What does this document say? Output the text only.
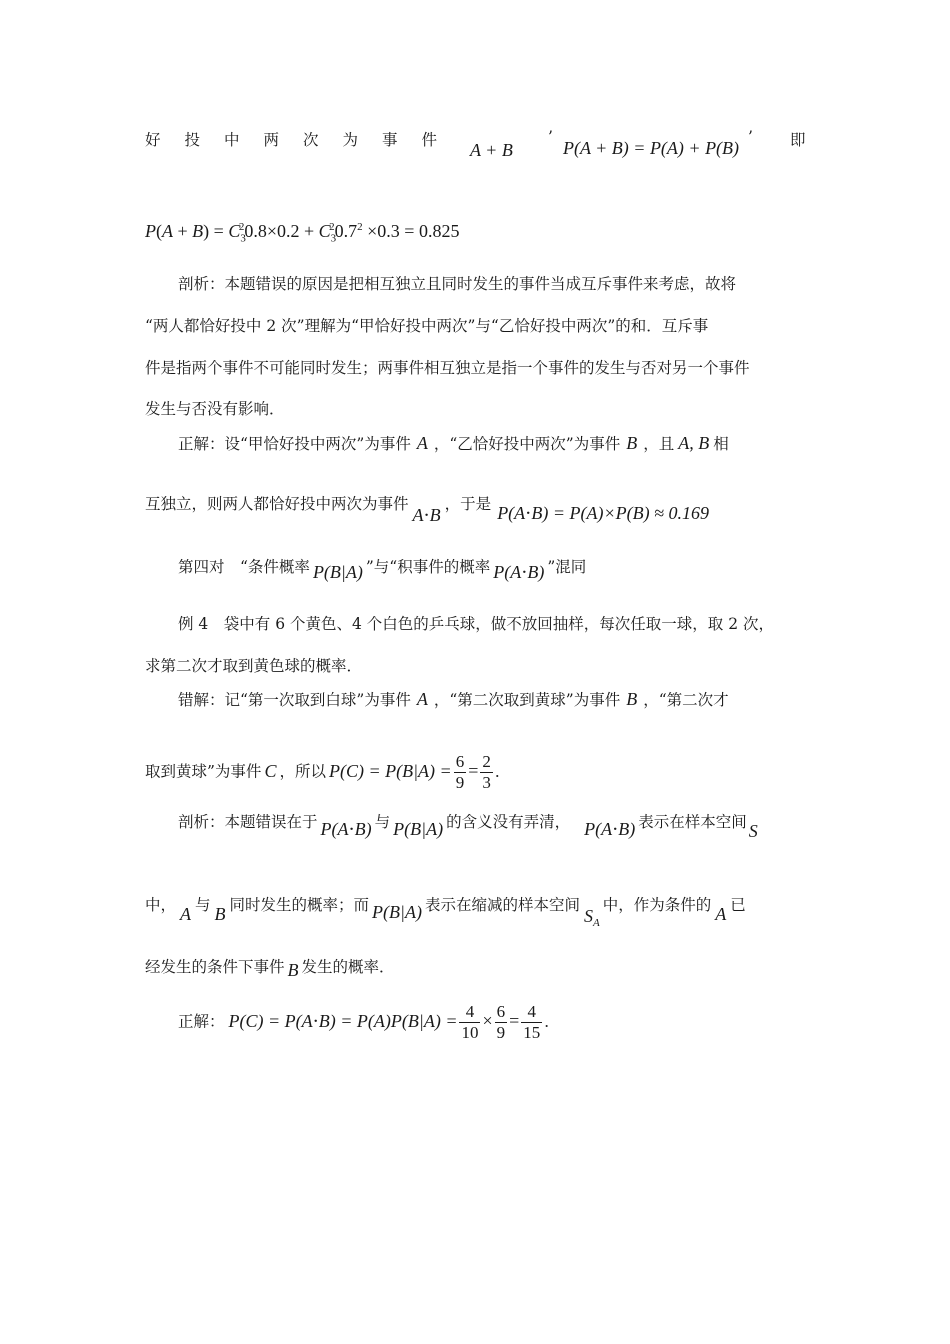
好投中两次为事件 A + B
’
P(A + B) = P(A) + P(B)
’ 即
$P(A + B) = C_3^20.8\times 0.2 + C_3^20.7^2 \times 0.3 = 0.825$
剖析：本题错误的原因是把相互独立且同时发生的事件当成互斥事件来考虑，故将
“两人都恰好投中 2 次”理解为“甲恰好投中两次”与“乙恰好投中两次”的和．互斥事
件是指两个事件不可能同时发生；两事件相互独立是指一个事件的发生与否对另一个事件
发生与否没有影响．
正解：设“甲恰好投中两次”为事件 A ，“乙恰好投中两次”为事件 B ，且 A, B 相
互独立，则两人都恰好投中两次为事件A⋅B，于是 P(A⋅B) = P(A)×P(B) ≈ 0.169
第四对　“条件概率 P(B|A) ”与“积事件的概率 P(A⋅B) ”混同
例 4　袋中有 6 个黄色、4 个白色的乒乓球，做不放回抽样，每次任取一球，取 2 次，
求第二次才取到黄色球的概率．
错解：记“第一次取到白球”为事件 A ，“第二次取到黄球”为事件 B ，“第二次才
取到黄球”为事件 C ，所以 $P(C) = P(B|A) = \frac{6}{9} = \frac{2}{3}$ ．
剖析：本题错误在于 P(A⋅B) 与 P(B|A) 的含义没有弄清， P(A⋅B) 表示在样本空间 S
中， A 与 B 同时发生的概率；而 P(B|A) 表示在缩减的样本空间$S_A$中，作为条件的 A 已
经发生的条件下事件 B 发生的概率．
正解： $P(C) = P(A\cdot B) = P(A)P(B|A) = \frac{4}{10} \times \frac{6}{9} = \frac{4}{15}$ ．
